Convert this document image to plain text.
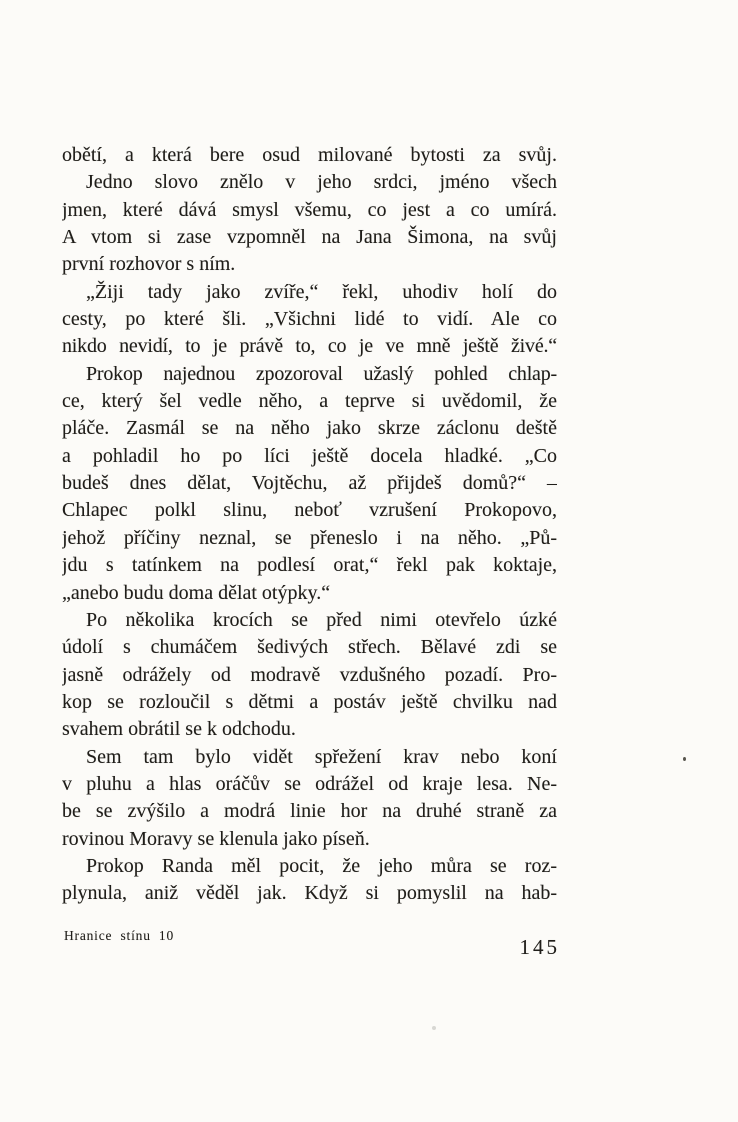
obětí, a která bere osud milované bytosti za svůj.
Jedno slovo znělo v jeho srdci, jméno všech
jmen, které dává smysl všemu, co jest a co umírá.
A vtom si zase vzpomněl na Jana Šimona, na svůj
první rozhovor s ním.
„Žiji tady jako zvíře,“ řekl, uhodiv holí do
cesty, po které šli. „Všichni lidé to vidí. Ale co
nikdo nevidí, to je právě to, co je ve mně ještě živé.“
Prokop najednou zpozoroval užaslý pohled chlap-
ce, který šel vedle něho, a teprve si uvědomil, že
pláče. Zasmál se na něho jako skrze záclonu deště
a pohladil ho po líci ještě docela hladké. „Co
budeš dnes dělat, Vojtěchu, až přijdeš domů?“ –
Chlapec polkl slinu, neboť vzrušení Prokopovo,
jehož příčiny neznal, se přeneslo i na něho. „Pů-
jdu s tatínkem na podlesí orat,“ řekl pak koktaje,
„anebo budu doma dělat otýpky.“
Po několika krocích se před nimi otevřelo úzké
údolí s chumáčem šedivých střech. Bělavé zdi se
jasně odrážely od modravě vzdušného pozadí. Pro-
kop se rozloučil s dětmi a postáv ještě chvilku nad
svahem obrátil se k odchodu.
Sem tam bylo vidět spřežení krav nebo koní
v pluhu a hlas oráčův se odrážel od kraje lesa. Ne-
be se zvýšilo a modrá linie hor na druhé straně za
rovinou Moravy se klenula jako píseň.
Prokop Randa měl pocit, že jeho můra se roz-
plynula, aniž věděl jak. Když si pomyslil na hab-
Hranice stínu 10	145
